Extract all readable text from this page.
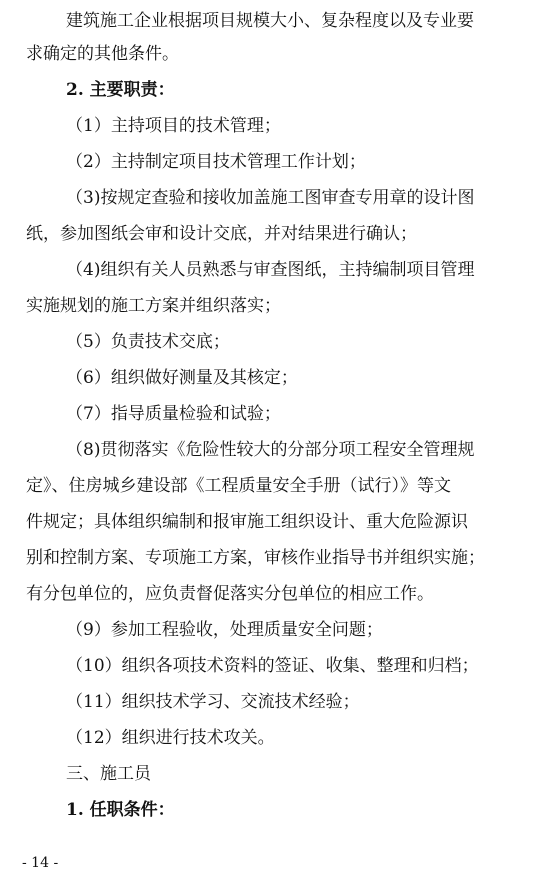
建筑施工企业根据项目规模大小、复杂程度以及专业要
求确定的其他条件。
2. 主要职责：
（1）主持项目的技术管理；
（2）主持制定项目技术管理工作计划；
（3)按规定查验和接收加盖施工图审查专用章的设计图
纸，参加图纸会审和设计交底，并对结果进行确认；
（4)组织有关人员熟悉与审查图纸，主持编制项目管理
实施规划的施工方案并组织落实；
（5）负责技术交底；
（6）组织做好测量及其核定；
（7）指导质量检验和试验；
（8)贯彻落实《危险性较大的分部分项工程安全管理规
定》、住房城乡建设部《工程质量安全手册（试行）》等文
件规定；具体组织编制和报审施工组织设计、重大危险源识
别和控制方案、专项施工方案，审核作业指导书并组织实施；
有分包单位的，应负责督促落实分包单位的相应工作。
（9）参加工程验收，处理质量安全问题；
（10）组织各项技术资料的签证、收集、整理和归档；
（11）组织技术学习、交流技术经验；
（12）组织进行技术攻关。
三、施工员
1. 任职条件：
- 14 -
